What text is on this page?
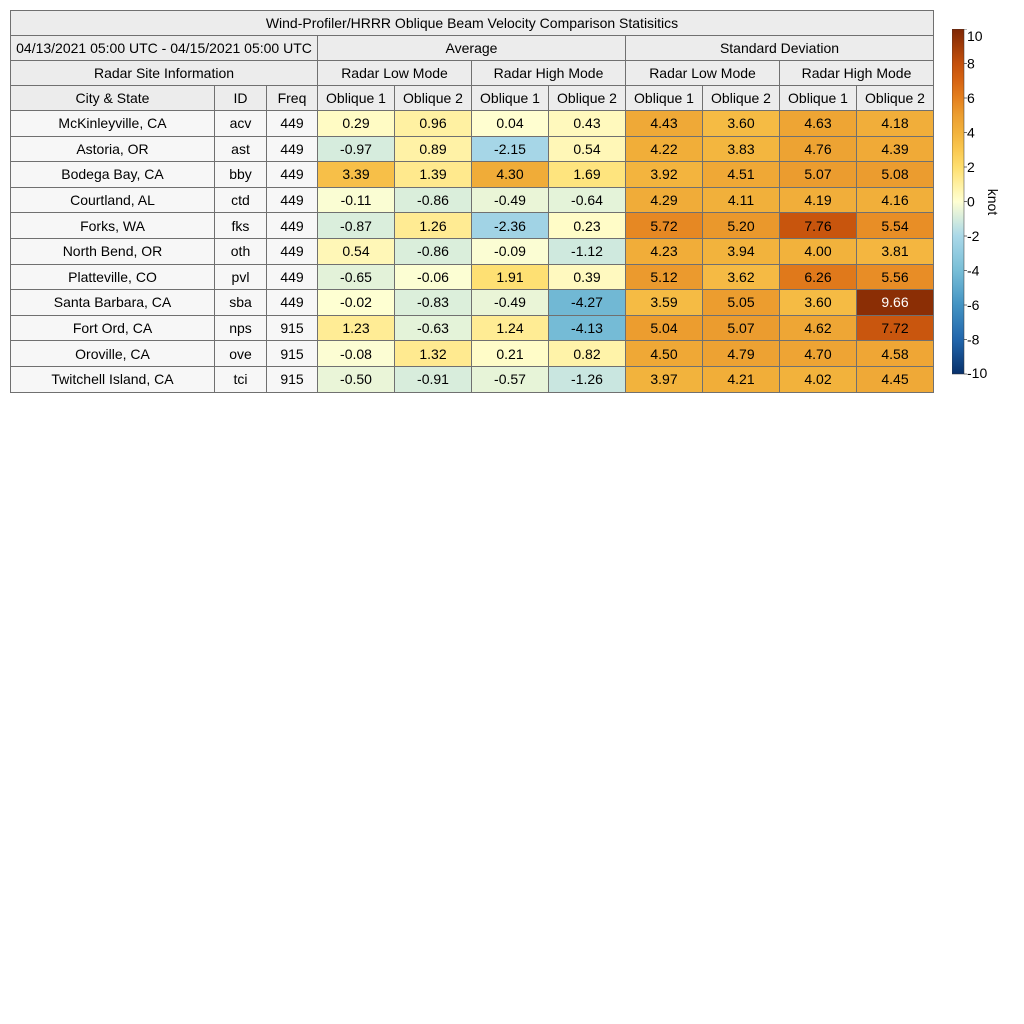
Wind-Profiler/HRRR Oblique Beam Velocity Comparison Statisitics										
04/13/2021 05:00 UTC - 04/15/2021 05:00 UTC			Average				Standard Deviation			
Radar Site Information			Radar Low Mode		Radar High Mode		Radar Low Mode		Radar High Mode	
City & State	ID	Freq	Oblique 1	Oblique 2	Oblique 1	Oblique 2	Oblique 1	Oblique 2	Oblique 1	Oblique 2
McKinleyville, CA	acv	449	0.29	0.96	0.04	0.43	4.43	3.60	4.63	4.18
Astoria, OR	ast	449	-0.97	0.89	-2.15	0.54	4.22	3.83	4.76	4.39
Bodega Bay, CA	bby	449	3.39	1.39	4.30	1.69	3.92	4.51	5.07	5.08
Courtland, AL	ctd	449	-0.11	-0.86	-0.49	-0.64	4.29	4.11	4.19	4.16
Forks, WA	fks	449	-0.87	1.26	-2.36	0.23	5.72	5.20	7.76	5.54
North Bend, OR	oth	449	0.54	-0.86	-0.09	-1.12	4.23	3.94	4.00	3.81
Platteville, CO	pvl	449	-0.65	-0.06	1.91	0.39	5.12	3.62	6.26	5.56
Santa Barbara, CA	sba	449	-0.02	-0.83	-0.49	-4.27	3.59	5.05	3.60	9.66
Fort Ord, CA	nps	915	1.23	-0.63	1.24	-4.13	5.04	5.07	4.62	7.72
Oroville, CA	ove	915	-0.08	1.32	0.21	0.82	4.50	4.79	4.70	4.58
Twitchell Island, CA	tci	915	-0.50	-0.91	-0.57	-1.26	3.97	4.21	4.02	4.45
10
8
6
4
2
0
-2
-4
-6
-8
-10
knot
